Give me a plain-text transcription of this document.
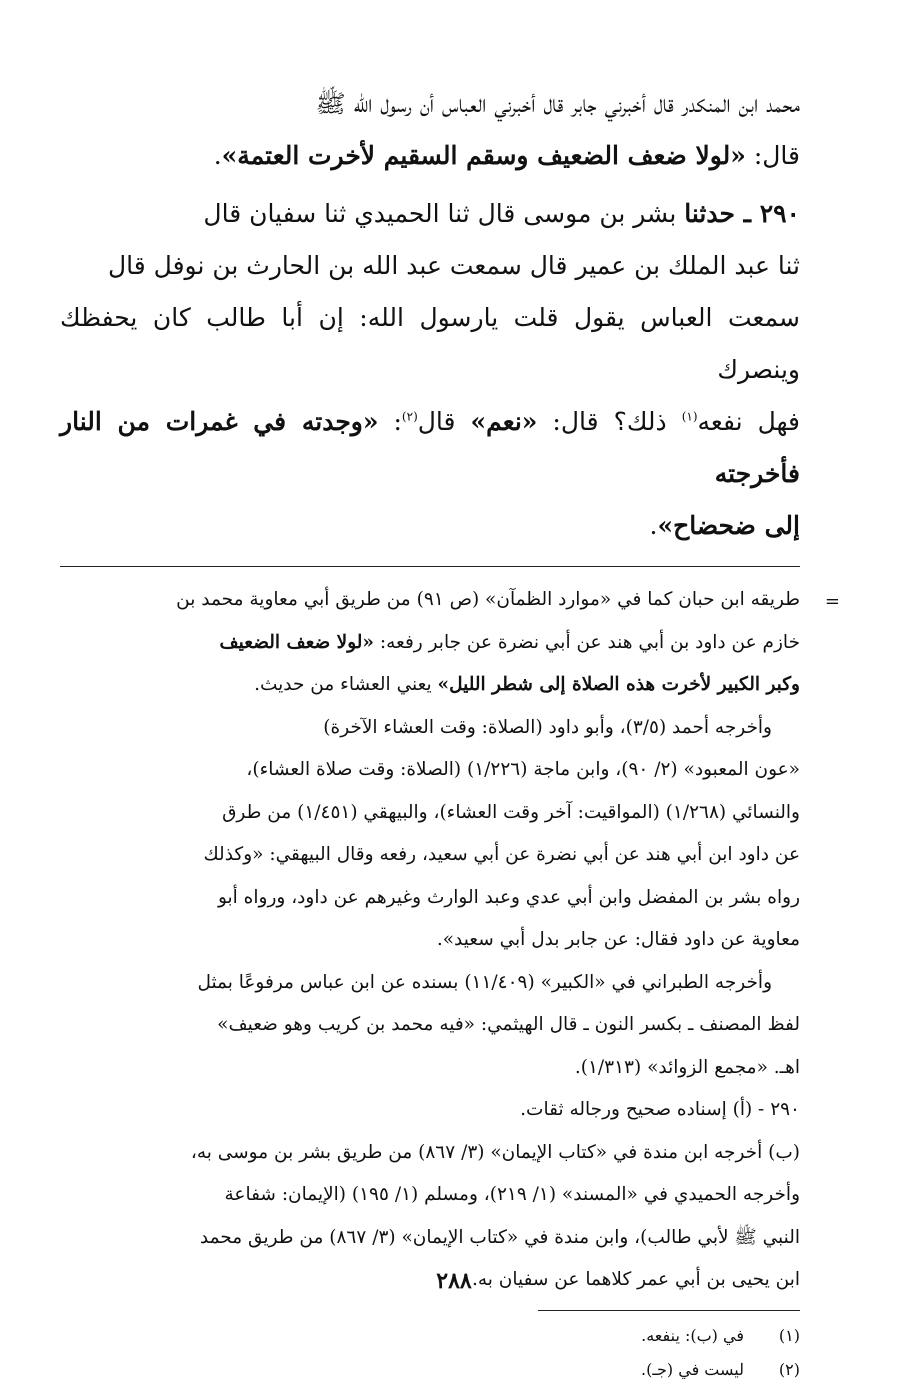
محمد ابن المنكدر قال أخبرني جابر قال أخبرني العباس أن رسول الله ﷺ

قال: «لولا ضعف الضعيف وسقم السقيم لأخرت العتمة».

٢٩٠ ـ حدثنا بشر بن موسى قال ثنا الحميدي ثنا سفيان قال

ثنا عبد الملك بن عمير قال سمعت عبد الله بن الحارث بن نوفل قال

سمعت العباس يقول قلت يارسول الله: إن أبا طالب كان يحفظك وينصرك

فهل نفعه$^{(١)}$ ذلك؟ قال: «نعم» قال$^{(٢)}$: «وجدته في غمرات من النار فأخرجته

إلى ضحضاح».

=

طريقه ابن حبان كما في «موارد الظمآن» (ص ٩١) من طريق أبي معاوية محمد بن

خازم عن داود بن أبي هند عن أبي نضرة عن جابر رفعه: «لولا ضعف الضعيف

وكبر الكبير لأخرت هذه الصلاة إلى شطر الليل» يعني العشاء من حديث.

وأخرجه أحمد (٣/٥)، وأبو داود (الصلاة: وقت العشاء الآخرة)

«عون المعبود» (٢/ ٩٠)، وابن ماجة (١/٢٢٦) (الصلاة: وقت صلاة العشاء)،

والنسائي (١/٢٦٨) (المواقيت: آخر وقت العشاء)، والبيهقي (١/٤٥١) من طرق

عن داود ابن أبي هند عن أبي نضرة عن أبي سعيد، رفعه وقال البيهقي: «وكذلك

رواه بشر بن المفضل وابن أبي عدي وعبد الوارث وغيرهم عن داود، ورواه أبو

معاوية عن داود فقال: عن جابر بدل أبي سعيد».

وأخرجه الطبراني في «الكبير» (١١/٤٠٩) بسنده عن ابن عباس مرفوعًا بمثل

لفظ المصنف ـ بكسر النون ـ قال الهيثمي: «فيه محمد بن كريب وهو ضعيف»

اهـ. «مجمع الزوائد» (١/٣١٣).

٢٩٠ - (أ) إسناده صحيح ورجاله ثقات.

(ب) أخرجه ابن مندة في «كتاب الإيمان» (٣/ ٨٦٧) من طريق بشر بن موسى به،

وأخرجه الحميدي في «المسند» (١/ ٢١٩)، ومسلم (١/ ١٩٥) (الإيمان: شفاعة

النبي ﷺ لأبي طالب)، وابن مندة في «كتاب الإيمان» (٣/ ٨٦٧) من طريق محمد

ابن يحيى بن أبي عمر كلاهما عن سفيان به.

(١)
في (ب): ينفعه.
(٢)
ليست في (جـ).
٢٨٨
